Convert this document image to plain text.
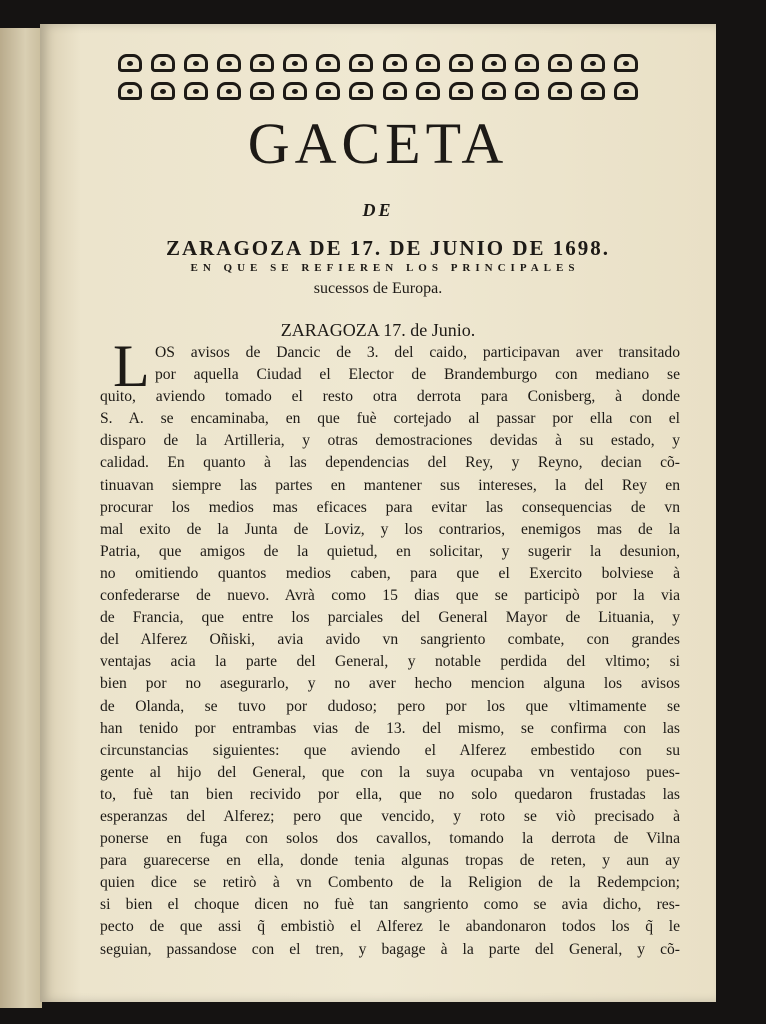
GACETA
DE
ZARAGOZA DE 17. DE JUNIO DE 1698.
EN QUE SE REFIEREN LOS PRINCIPALES
sucessos de Europa.
ZARAGOZA 17. de Junio.
L OS avisos de Dancic de 3. del caido, participavan aver transitado
por aquella Ciudad el Elector de Brandemburgo con mediano se
quito, aviendo tomado el resto otra derrota para Conisberg, à donde
S. A. se encaminaba, en que fuè cortejado al passar por ella con el
disparo de la Artilleria, y otras demostraciones devidas à su estado, y
calidad. En quanto à las dependencias del Rey, y Reyno, decian cõ-
tinuavan siempre las partes en mantener sus intereses, la del Rey en
procurar los medios mas eficaces para evitar las consequencias de vn
mal exito de la Junta de Loviz, y los contrarios, enemigos mas de la
Patria, que amigos de la quietud, en solicitar, y sugerir la desunion,
no omitiendo quantos medios caben, para que el Exercito bolviese à
confederarse de nuevo. Avrà como 15 dias que se participò por la via
de Francia, que entre los parciales del General Mayor de Lituania, y
del Alferez Oñiski, avia avido vn sangriento combate, con grandes
ventajas acia la parte del General, y notable perdida del vltimo; si
bien por no asegurarlo, y no aver hecho mencion alguna los avisos
de Olanda, se tuvo por dudoso; pero por los que vltimamente se
han tenido por entrambas vias de 13. del mismo, se confirma con las
circunstancias siguientes: que aviendo el Alferez embestido con su
gente al hijo del General, que con la suya ocupaba vn ventajoso pues-
to, fuè tan bien recivido por ella, que no solo quedaron frustadas las
esperanzas del Alferez; pero que vencido, y roto se viò precisado à
ponerse en fuga con solos dos cavallos, tomando la derrota de Vilna
para guarecerse en ella, donde tenia algunas tropas de reten, y aun ay
quien dice se retirò à vn Combento de la Religion de la Redempcion;
si bien el choque dicen no fuè tan sangriento como se avia dicho, res-
pecto de que assi q̃ embistiò el Alferez le abandonaron todos los q̃ le
seguian, passandose con el tren, y bagage à la parte del General, y cõ-
